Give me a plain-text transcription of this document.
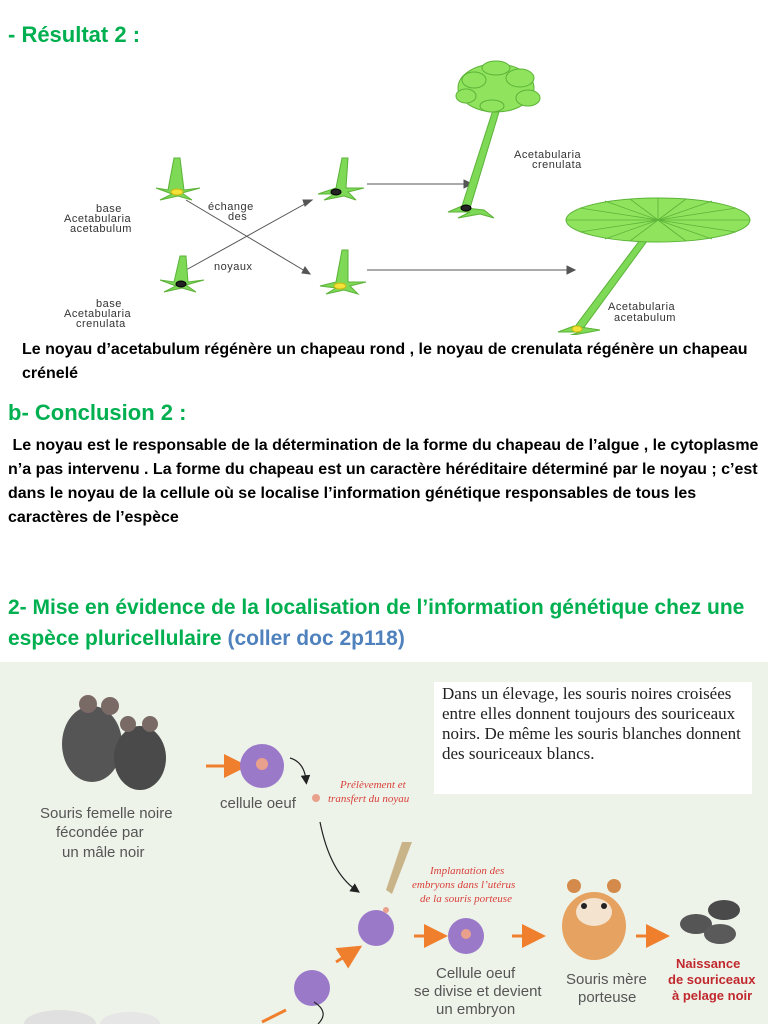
- Résultat 2 :
base
Acetabularia
acetabulum
échange
des
noyaux
base
Acetabularia
crenulata
Acetabularia
crenulata
Acetabularia
acetabulum
Le noyau d’acetabulum régénère un chapeau rond , le noyau de crenulata régénère un chapeau crénelé
b- Conclusion 2 :
Le noyau est le responsable de la détermination de la forme du chapeau de l’algue , le cytoplasme n’a pas intervenu . La forme du chapeau est un caractère héréditaire déterminé par le noyau ; c’est dans le noyau de la cellule où se localise l’information génétique responsables de tous les caractères de l’espèce
2- Mise en évidence de la localisation de l’information génétique chez une espèce pluricellulaire (coller doc 2p118)
Dans un élevage, les souris noires croisées entre elles donnent toujours des souriceaux noirs. De même les souris blanches donnent des souriceaux blancs.
Souris femelle noire
fécondée par
un mâle noir
cellule oeuf
Prélèvement et
transfert du noyau
Implantation des
embryons dans l’utérus
de la souris porteuse
Cellule oeuf
se divise et devient
un embryon
Souris mère
porteuse
Naissance
de souriceaux
à pelage noir
